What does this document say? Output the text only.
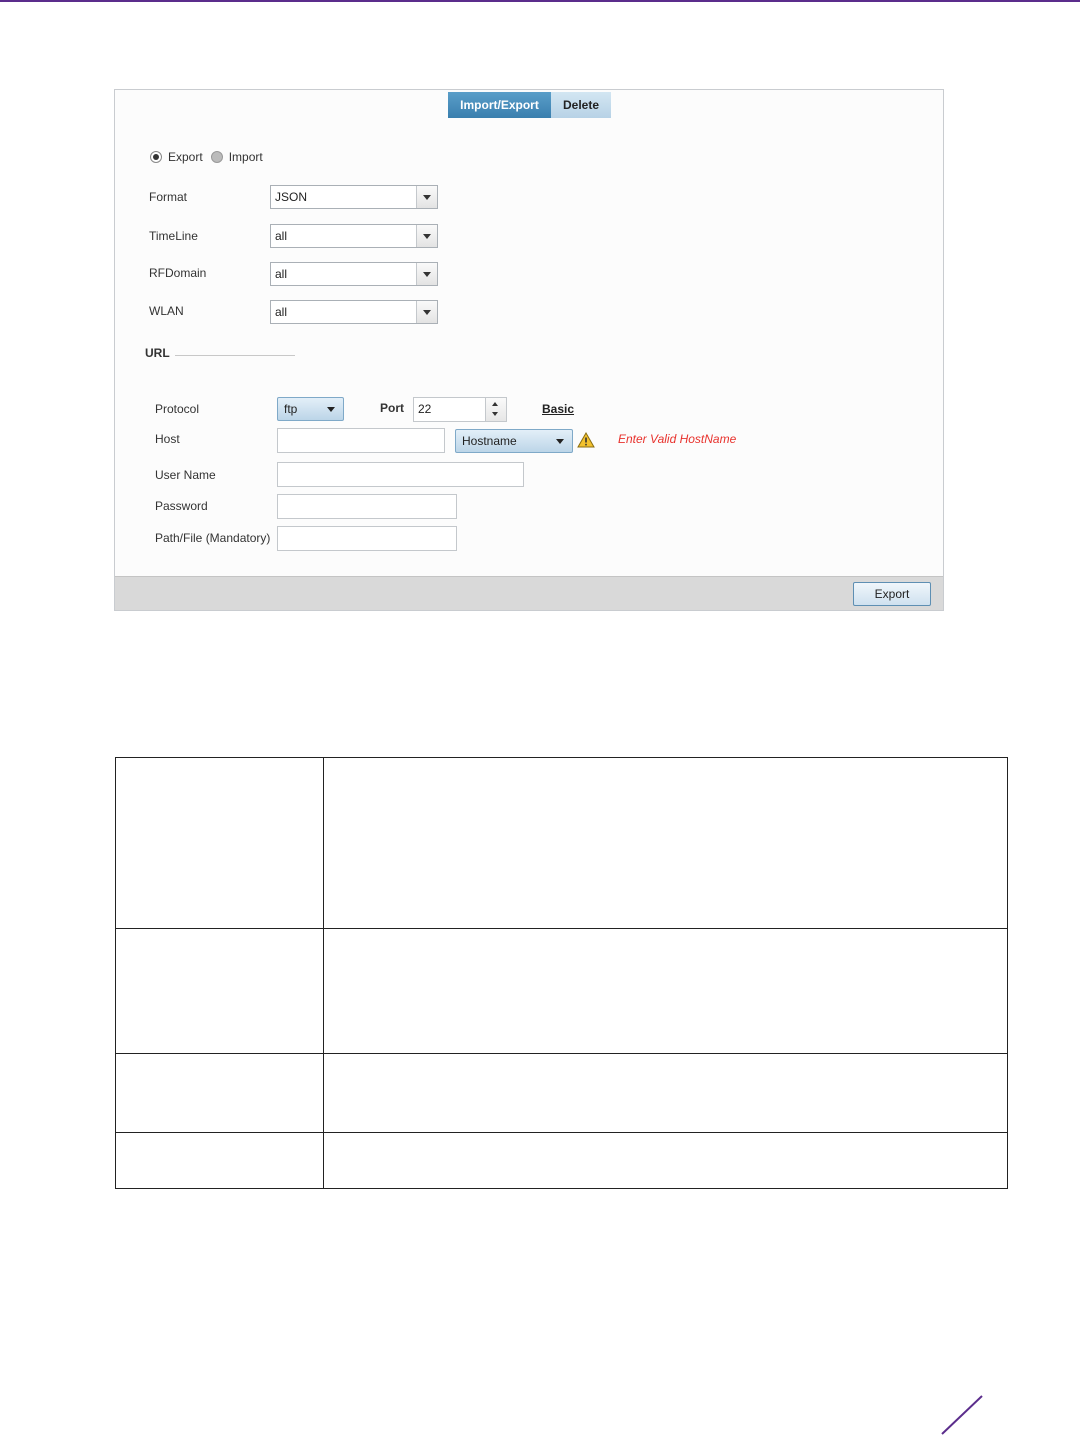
Import/Export	Delete
Export Import
Format	JSON
TimeLine	all
RFDomain	all
WLAN	all
URL
Protocol	ftp	Port	22	Basic
Host	Hostname	Enter Valid HostName
User Name
Password
Path/File (Mandatory)
Export
